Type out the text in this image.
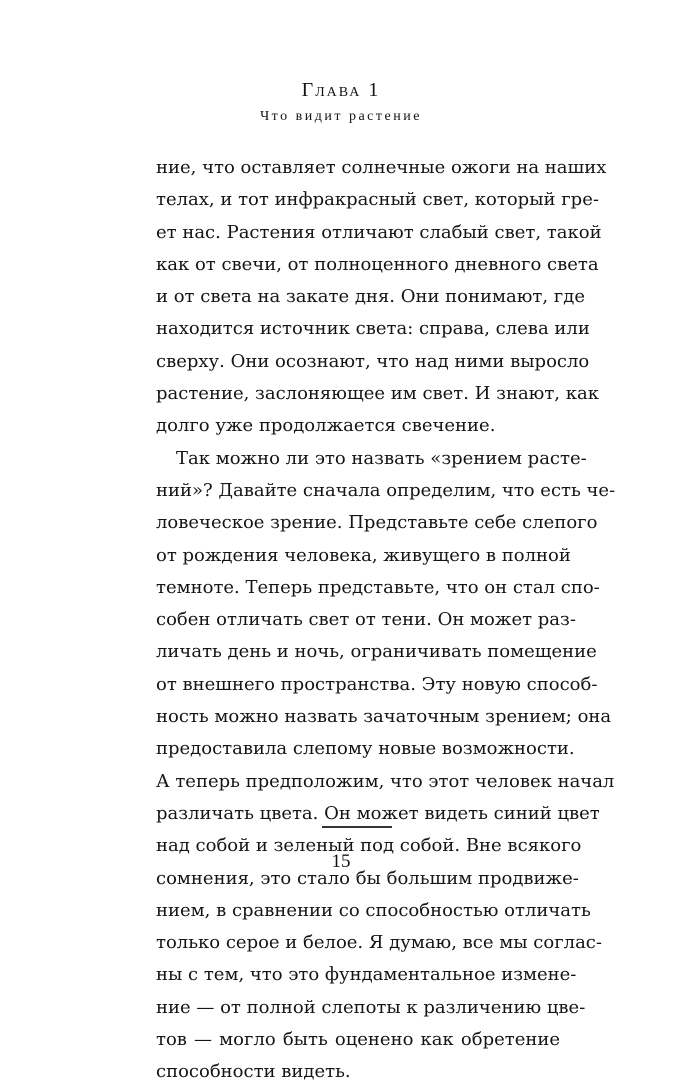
Глава 1
Что видит растение
ние, что оставляет солнечные ожоги на наших
телах, и тот инфракрасный свет, который гре-
ет нас. Растения отличают слабый свет, такой
как от свечи, от полноценного дневного света
и от света на закате дня. Они понимают, где
находится источник света: справа, слева или
сверху. Они осознают, что над ними выросло
растение, заслоняющее им свет. И знают, как
долго уже продолжается свечение.
Так можно ли это назвать «зрением расте-
ний»? Давайте сначала определим, что есть че-
ловеческое зрение. Представьте себе слепого
от рождения человека, живущего в полной
темноте. Теперь представьте, что он стал спо-
собен отличать свет от тени. Он может раз-
личать день и ночь, ограничивать помещение
от внешнего пространства. Эту новую способ-
ность можно назвать зачаточным зрением; она
предоставила слепому новые возможности.
А теперь предположим, что этот человек начал
различать цвета. Он может видеть синий цвет
над собой и зеленый под собой. Вне всякого
сомнения, это стало бы большим продвиже-
нием, в сравнении со способностью отличать
только серое и белое. Я думаю, все мы соглас-
ны с тем, что это фундаментальное измене-
ние — от полной слепоты к различению цве-
тов — могло быть оценено как обретение
способности видеть.
15
